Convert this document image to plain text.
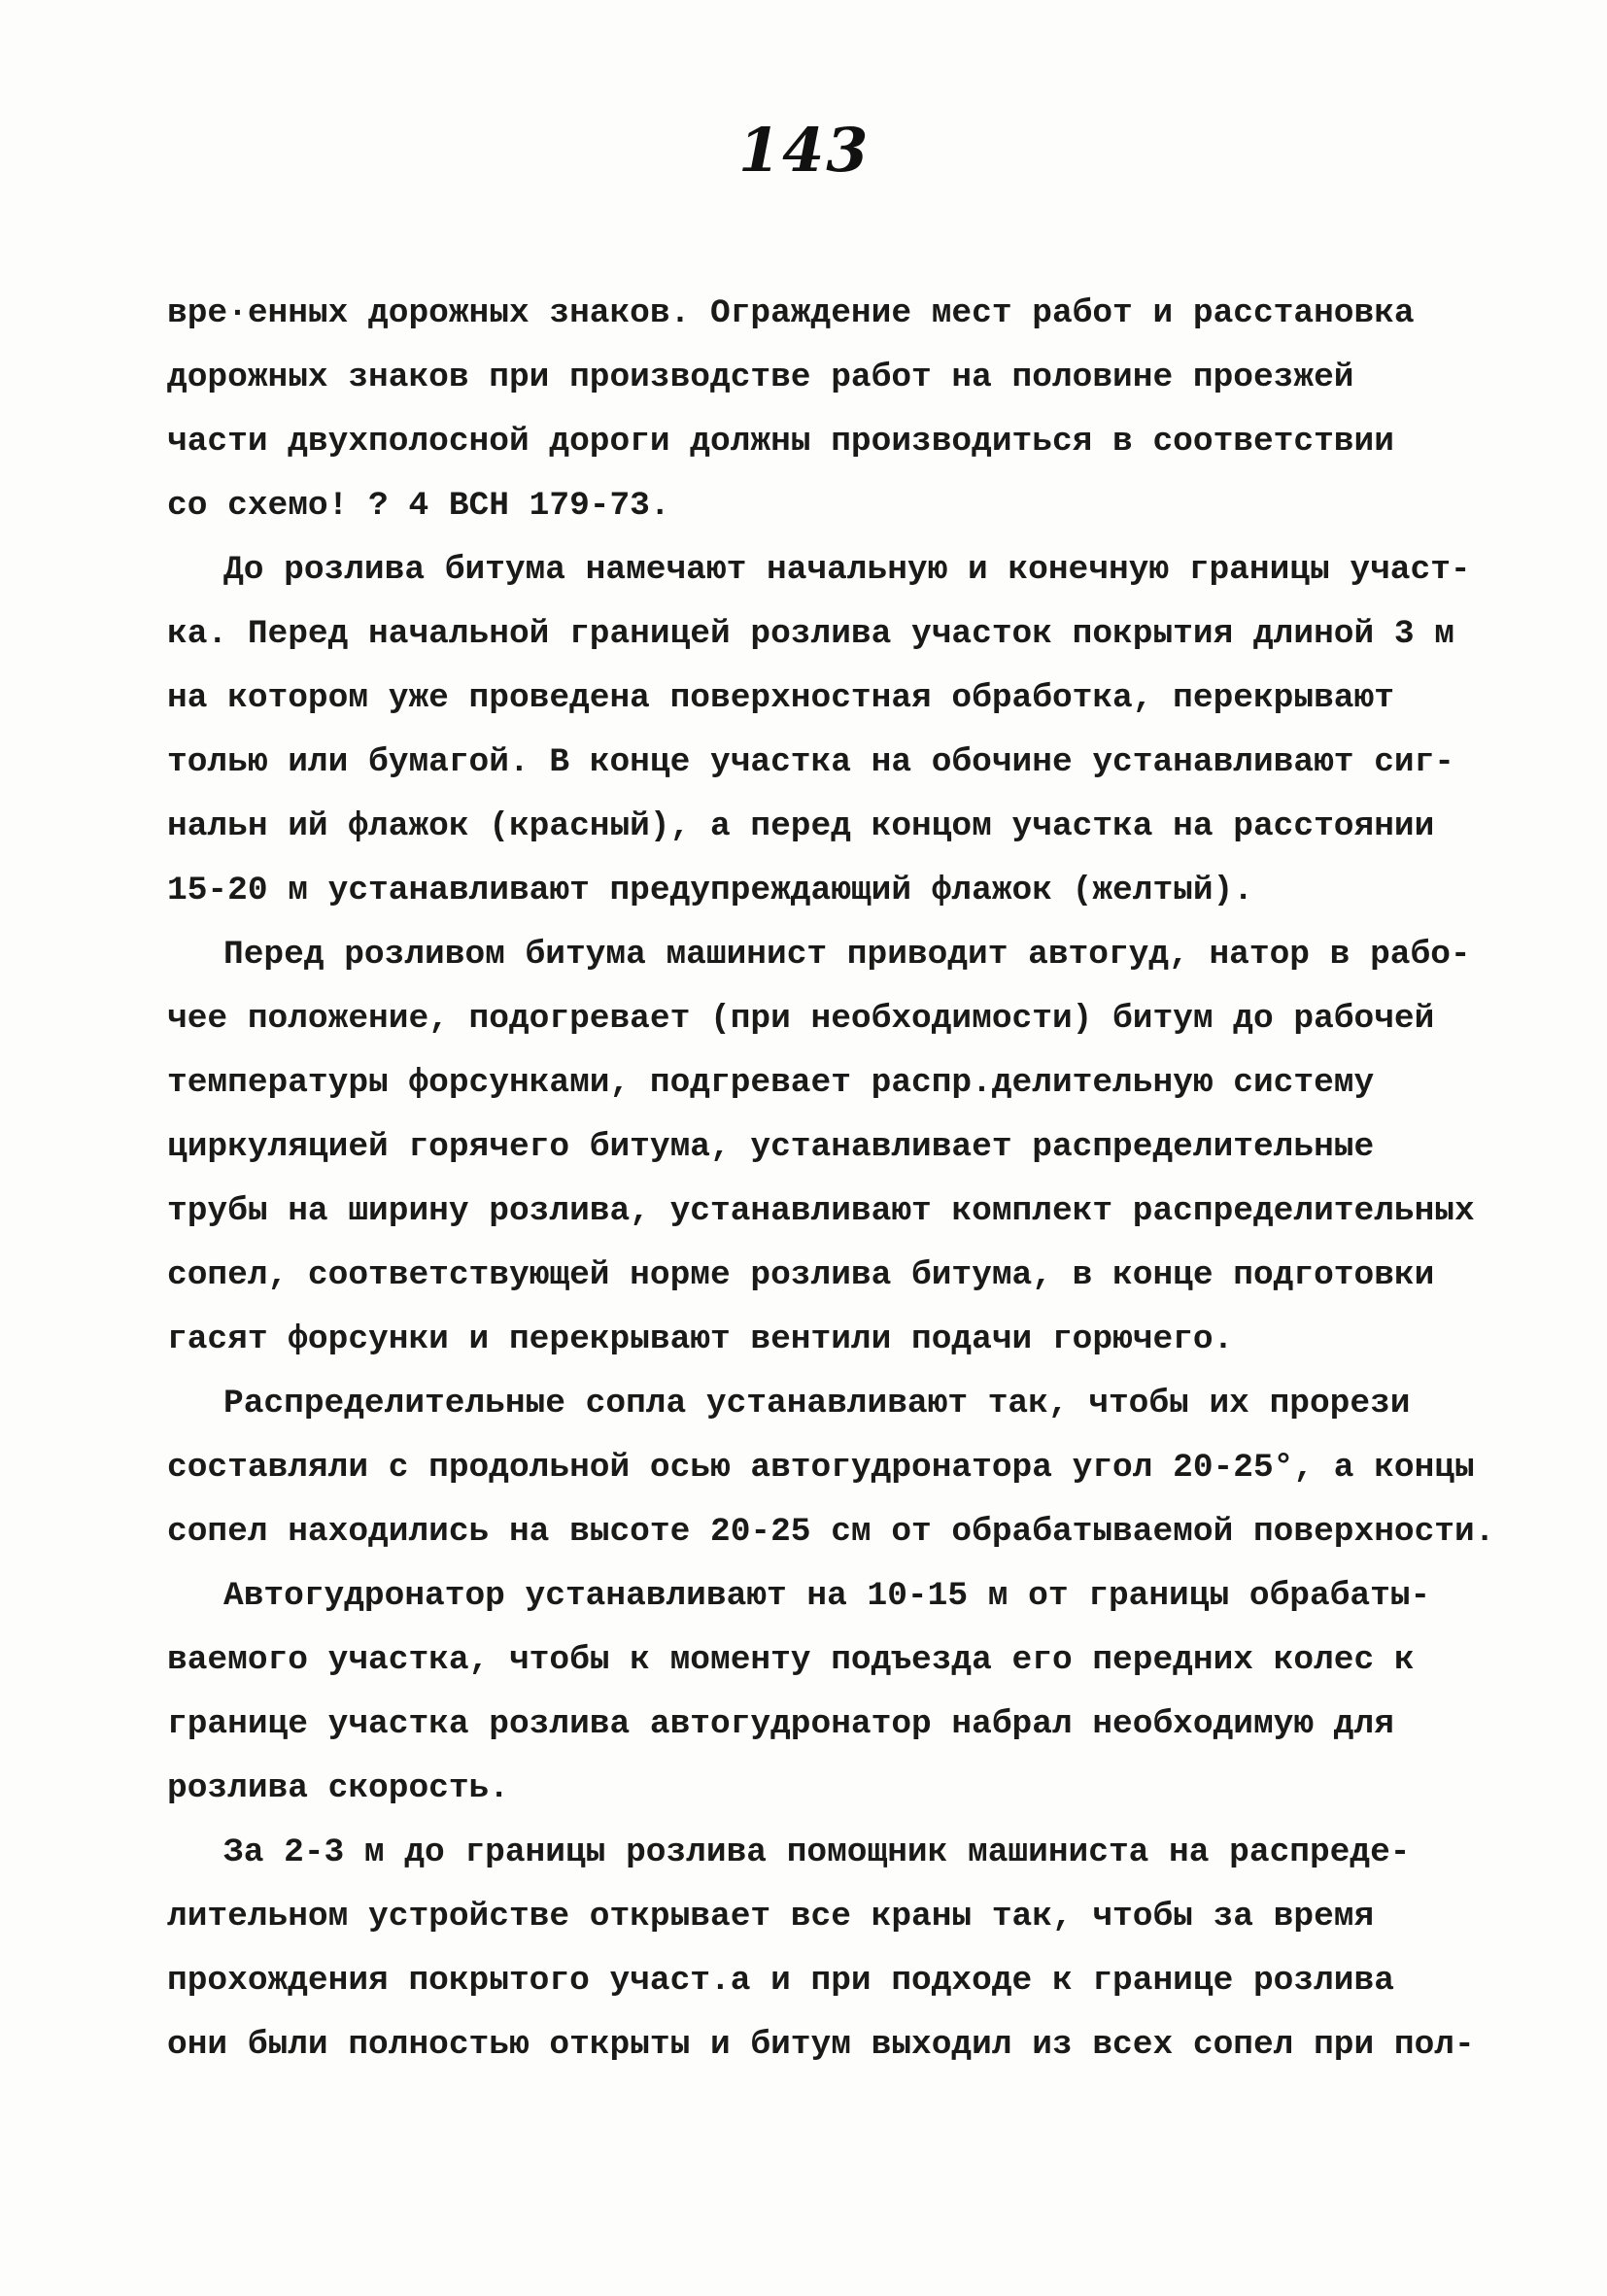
143
вре·енных дорожных знаков. Ограждение мест работ и расстановка
дорожных знаков при производстве работ на половине проезжей
части двухполосной дороги должны производиться в соответствии
со схемо! ? 4 ВСН 179-73.
До розлива битума намечают начальную и конечную границы участ-
ка. Перед начальной границей розлива участок покрытия длиной 3 м
на котором уже проведена поверхностная обработка, перекрывают
толью или бумагой. В конце участка на обочине устанавливают сиг-
нальн ий флажок (красный), а перед концом участка на расстоянии
15-20 м устанавливают предупреждающий флажок (желтый).
Перед розливом битума машинист приводит автогуд, натор в рабо-
чее положение, подогревает (при необходимости) битум до рабочей
температуры форсунками, подгревает распр.делительную систему
циркуляцией горячего битума, устанавливает распределительные
трубы на ширину розлива, устанавливают комплект распределительных
сопел, соответствующей норме розлива битума, в конце подготовки
гасят форсунки и перекрывают вентили подачи горючего.
Распределительные сопла устанавливают так, чтобы их прорези
составляли с продольной осью автогудронатора угол 20-25°, а концы
сопел находились на высоте 20-25 см от обрабатываемой поверхности.
Автогудронатор устанавливают на 10-15 м от границы обрабаты-
ваемого участка, чтобы к моменту подъезда его передних колес к
границе участка розлива автогудронатор набрал необходимую для
розлива скорость.
За 2-3 м до границы розлива помощник машиниста на распреде-
лительном устройстве открывает все краны так, чтобы за время
прохождения покрытого участ.а и при подходе к границе розлива
они были полностью открыты и битум выходил из всех сопел при пол-
